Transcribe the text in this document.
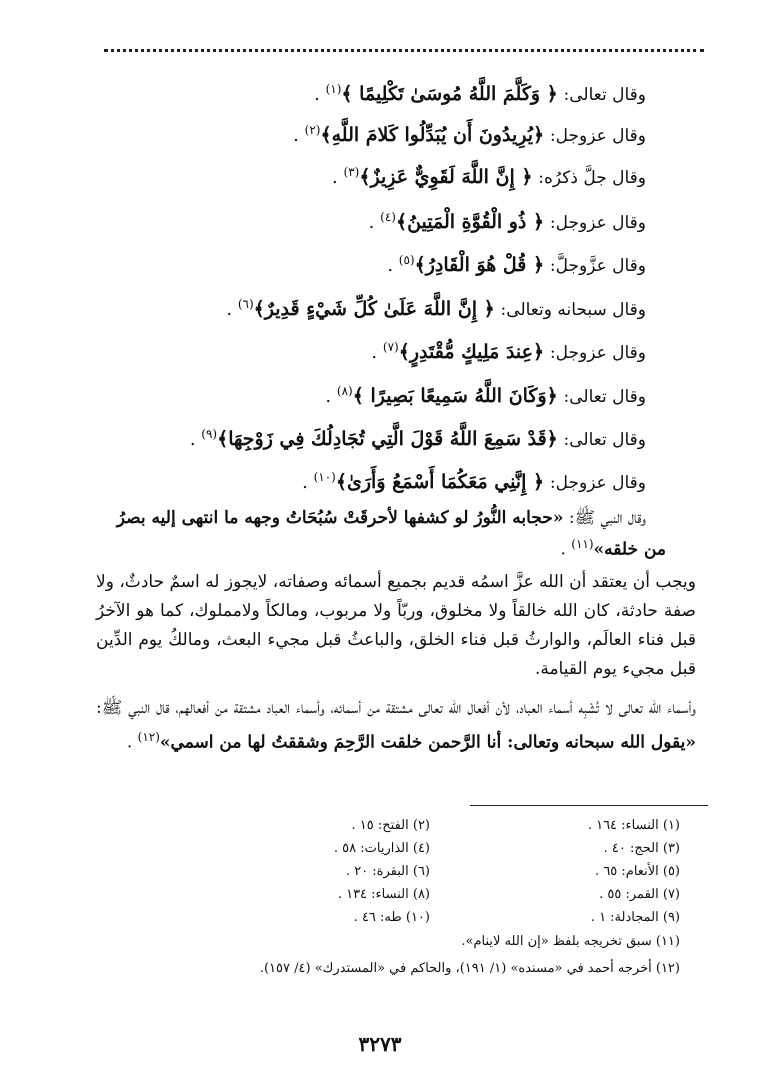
وقال تعالى: ﴿ وَكَلَّمَ اللَّهُ مُوسَىٰ تَكْلِيمًا ﴾$^{(١)}$ .
وقال عزوجل: ﴿يُرِيدُونَ أَن يُبَدِّلُوا كَلامَ اللَّهِ﴾$^{(٢)}$ .
وقال جلَّ ذكرُه: ﴿ إِنَّ اللَّهَ لَقَوِيٌّ عَزِيزٌ﴾$^{(٣)}$ .
وقال عزوجل: ﴿ ذُو الْقُوَّةِ الْمَتِينُ﴾$^{(٤)}$ .
وقال عزَّوجلَّ: ﴿ قُلْ هُوَ الْقَادِرُ﴾$^{(٥)}$ .
وقال سبحانه وتعالى: ﴿ إِنَّ اللَّهَ عَلَىٰ كُلِّ شَيْءٍ قَدِيرٌ﴾$^{(٦)}$ .
وقال عزوجل: ﴿عِندَ مَلِيكٍ مُّقْتَدِرٍ﴾$^{(٧)}$ .
وقال تعالى: ﴿وَكَانَ اللَّهُ سَمِيعًا بَصِيرًا ﴾$^{(٨)}$ .
وقال تعالى: ﴿قَدْ سَمِعَ اللَّهُ قَوْلَ الَّتِي تُجَادِلُكَ فِي زَوْجِهَا﴾$^{(٩)}$ .
وقال عزوجل: ﴿ إِنَّنِي مَعَكُمَا أَسْمَعُ وَأَرَىٰ﴾$^{(١٠)}$ .
وقال النبي ﷺ: «حجابه النُّورُ لو كشفها لأحرقَتْ سُبُحَاتُ وجهه ما انتهى إليه بصرُ
من خلقه»$^{(١١)}$ .
ويجب أن يعتقد أن الله عزَّ اسمُه قديم بجميع أسمائه وصفاته، لايجوز له اسمٌ حادثٌ، ولا صفة حادثة، كان الله خالقاً ولا مخلوق، وربّاً ولا مربوب، ومالكاً ولامملوك، كما هو الآخرُ قبل فناء العالَم، والوارثُ قبل فناء الخلق، والباعثُ قبل مجيء البعث، ومالكُ يوم الدِّين قبل مجيء يوم القيامة.
وأسماء الله تعالى لا تُشْبِه أسماء العباد، لأن أفعال الله تعالى مشتقة من أسمائه، وأسماء العباد مشتقة من أفعالهم، قال النبي ﷺ: «يقول الله سبحانه وتعالى: أنا الرَّحمن خلقت الرَّحِمَ وشققتُ لها من اسمي»$^{(١٢)}$ .
(١) النساء: ١٦٤ .
(٢) الفتح: ١٥ .
(٣) الحج: ٤٠ .
(٤) الذاريات: ٥٨ .
(٥) الأنعام: ٦٥ .
(٦) البقرة: ٢٠ .
(٧) القمر: ٥٥ .
(٨) النساء: ١٣٤ .
(٩) المجادلة: ١ .
(١٠) طه: ٤٦ .
(١١) سبق تخريجه بلفظ «إن الله لاينام».
(١٢) أخرجه أحمد في «مسنده» (١/ ١٩١)، والحاكم في «المستدرك» (٤/ ١٥٧).
٣٢٧٣
